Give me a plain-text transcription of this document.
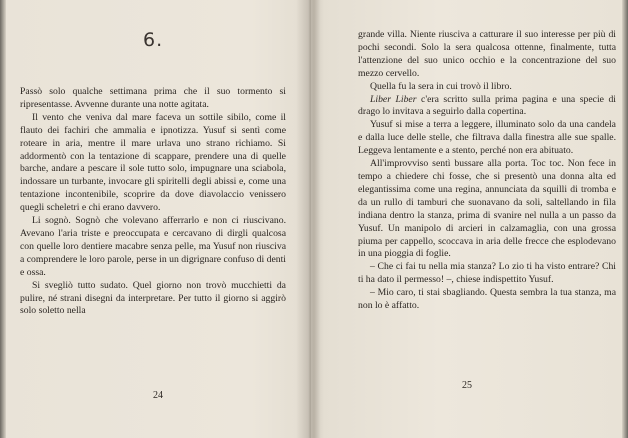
6.

Passò solo qualche settimana prima che il suo tormento si ripresentasse. Avvenne durante una notte agitata.

Il vento che veniva dal mare faceva un sottile sibilo, come il flauto dei fachiri che ammalia e ipnotizza. Yusuf si sentì come roteare in aria, mentre il mare urlava uno strano richiamo. Si addormentò con la tentazione di scappare, prendere una di quelle barche, andare a pescare il sole tutto solo, impugnare una sciabola, indossare un turbante, invocare gli spiritelli degli abissi e, come una tentazione incontenibile, scoprire da dove diavolaccio venissero quegli scheletri e chi erano davvero.

Li sognò. Sognò che volevano afferrarlo e non ci riuscivano. Avevano l'aria triste e preoccupata e cercavano di dirgli qualcosa con quelle loro dentiere macabre senza pelle, ma Yusuf non riusciva a comprendere le loro parole, perse in un digrignare confuso di denti e ossa.

Si svegliò tutto sudato. Quel giorno non trovò mucchietti da pulire, né strani disegni da interpretare. Per tutto il giorno si aggirò solo soletto nella

24

grande villa. Niente riusciva a catturare il suo interesse per più di pochi secondi. Solo la sera qualcosa ottenne, finalmente, tutta l'attenzione del suo unico occhio e la concentrazione del suo mezzo cervello.

Quella fu la sera in cui trovò il libro.

Liber Liber c'era scritto sulla prima pagina e una specie di drago lo invitava a seguirlo dalla copertina.

Yusuf si mise a terra a leggere, illuminato solo da una candela e dalla luce delle stelle, che filtrava dalla finestra alle sue spalle. Leggeva lentamente e a stento, perché non era abituato.

All'improvviso sentì bussare alla porta. Toc toc. Non fece in tempo a chiedere chi fosse, che si presentò una donna alta ed elegantissima come una regina, annunciata da squilli di tromba e da un rullo di tamburi che suonavano da soli, saltellando in fila indiana dentro la stanza, prima di svanire nel nulla a un passo da Yusuf. Un manipolo di arcieri in calzamaglia, con una grossa piuma per cappello, scoccava in aria delle frecce che esplodevano in una pioggia di foglie.

– Che ci fai tu nella mia stanza? Lo zio ti ha visto entrare? Chi ti ha dato il permesso! –, chiese indispettito Yusuf.

– Mio caro, ti stai sbagliando. Questa sembra la tua stanza, ma non lo è affatto.

25
